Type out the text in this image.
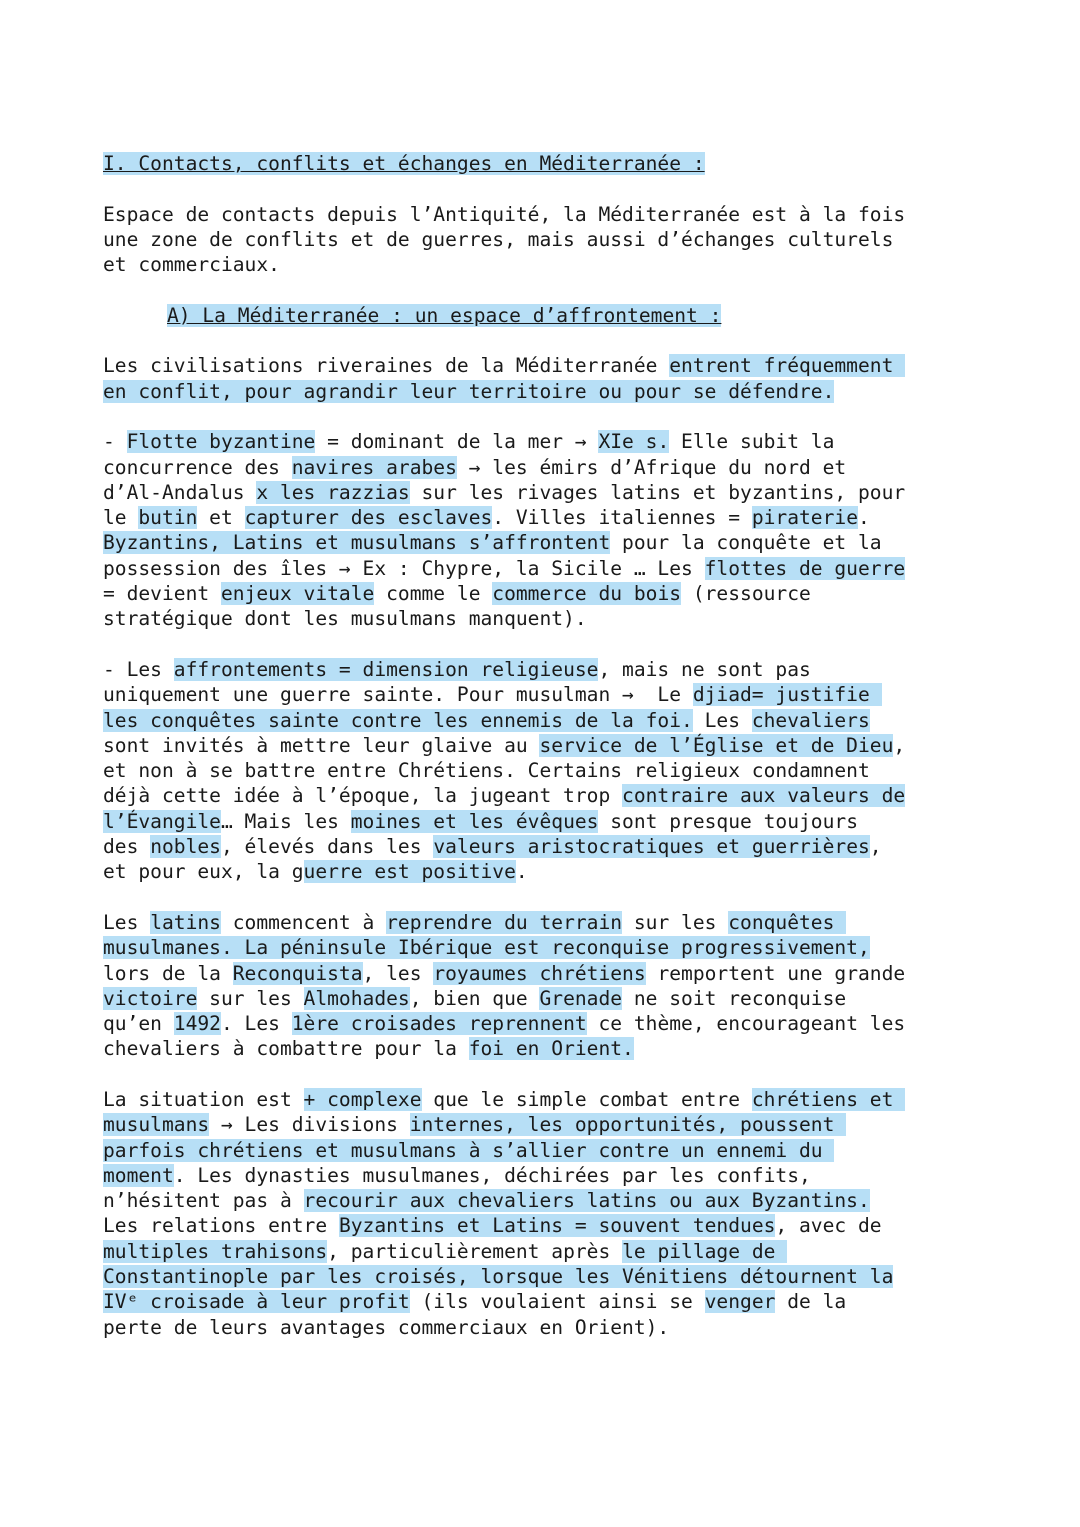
I. Contacts, conflits et échanges en Méditerranée :
Espace de contacts depuis l’Antiquité, la Méditerranée est à la fois
une zone de conflits et de guerres, mais aussi d’échanges culturels
et commerciaux.
A) La Méditerranée : un espace d’affrontement :
Les civilisations riveraines de la Méditerranée entrent fréquemment
en conflit, pour agrandir leur territoire ou pour se défendre.
- Flotte byzantine = dominant de la mer → XIe s. Elle subit la
concurrence des navires arabes → les émirs d’Afrique du nord et
d’Al-Andalus x les razzias sur les rivages latins et byzantins, pour
le butin et capturer des esclaves. Villes italiennes = piraterie.
Byzantins, Latins et musulmans s’affrontent pour la conquête et la
possession des îles → Ex : Chypre, la Sicile … Les flottes de guerre
= devient enjeux vitale comme le commerce du bois (ressource
stratégique dont les musulmans manquent).
- Les affrontements = dimension religieuse, mais ne sont pas
uniquement une guerre sainte. Pour musulman →  Le djiad= justifie
les conquêtes sainte contre les ennemis de la foi. Les chevaliers
sont invités à mettre leur glaive au service de l’Église et de Dieu,
et non à se battre entre Chrétiens. Certains religieux condamnent
déjà cette idée à l’époque, la jugeant trop contraire aux valeurs de
l’Évangile… Mais les moines et les évêques sont presque toujours
des nobles, élevés dans les valeurs aristocratiques et guerrières,
et pour eux, la guerre est positive.
Les latins commencent à reprendre du terrain sur les conquêtes
musulmanes. La péninsule Ibérique est reconquise progressivement,
lors de la Reconquista, les royaumes chrétiens remportent une grande
victoire sur les Almohades, bien que Grenade ne soit reconquise
qu’en 1492. Les 1ère croisades reprennent ce thème, encourageant les
chevaliers à combattre pour la foi en Orient.
La situation est + complexe que le simple combat entre chrétiens et
musulmans → Les divisions internes, les opportunités, poussent
parfois chrétiens et musulmans à s’allier contre un ennemi du
moment. Les dynasties musulmanes, déchirées par les confits,
n’hésitent pas à recourir aux chevaliers latins ou aux Byzantins.
Les relations entre Byzantins et Latins = souvent tendues, avec de
multiples trahisons, particulièrement après le pillage de
Constantinople par les croisés, lorsque les Vénitiens détournent la
IVᵉ croisade à leur profit (ils voulaient ainsi se venger de la
perte de leurs avantages commerciaux en Orient).
